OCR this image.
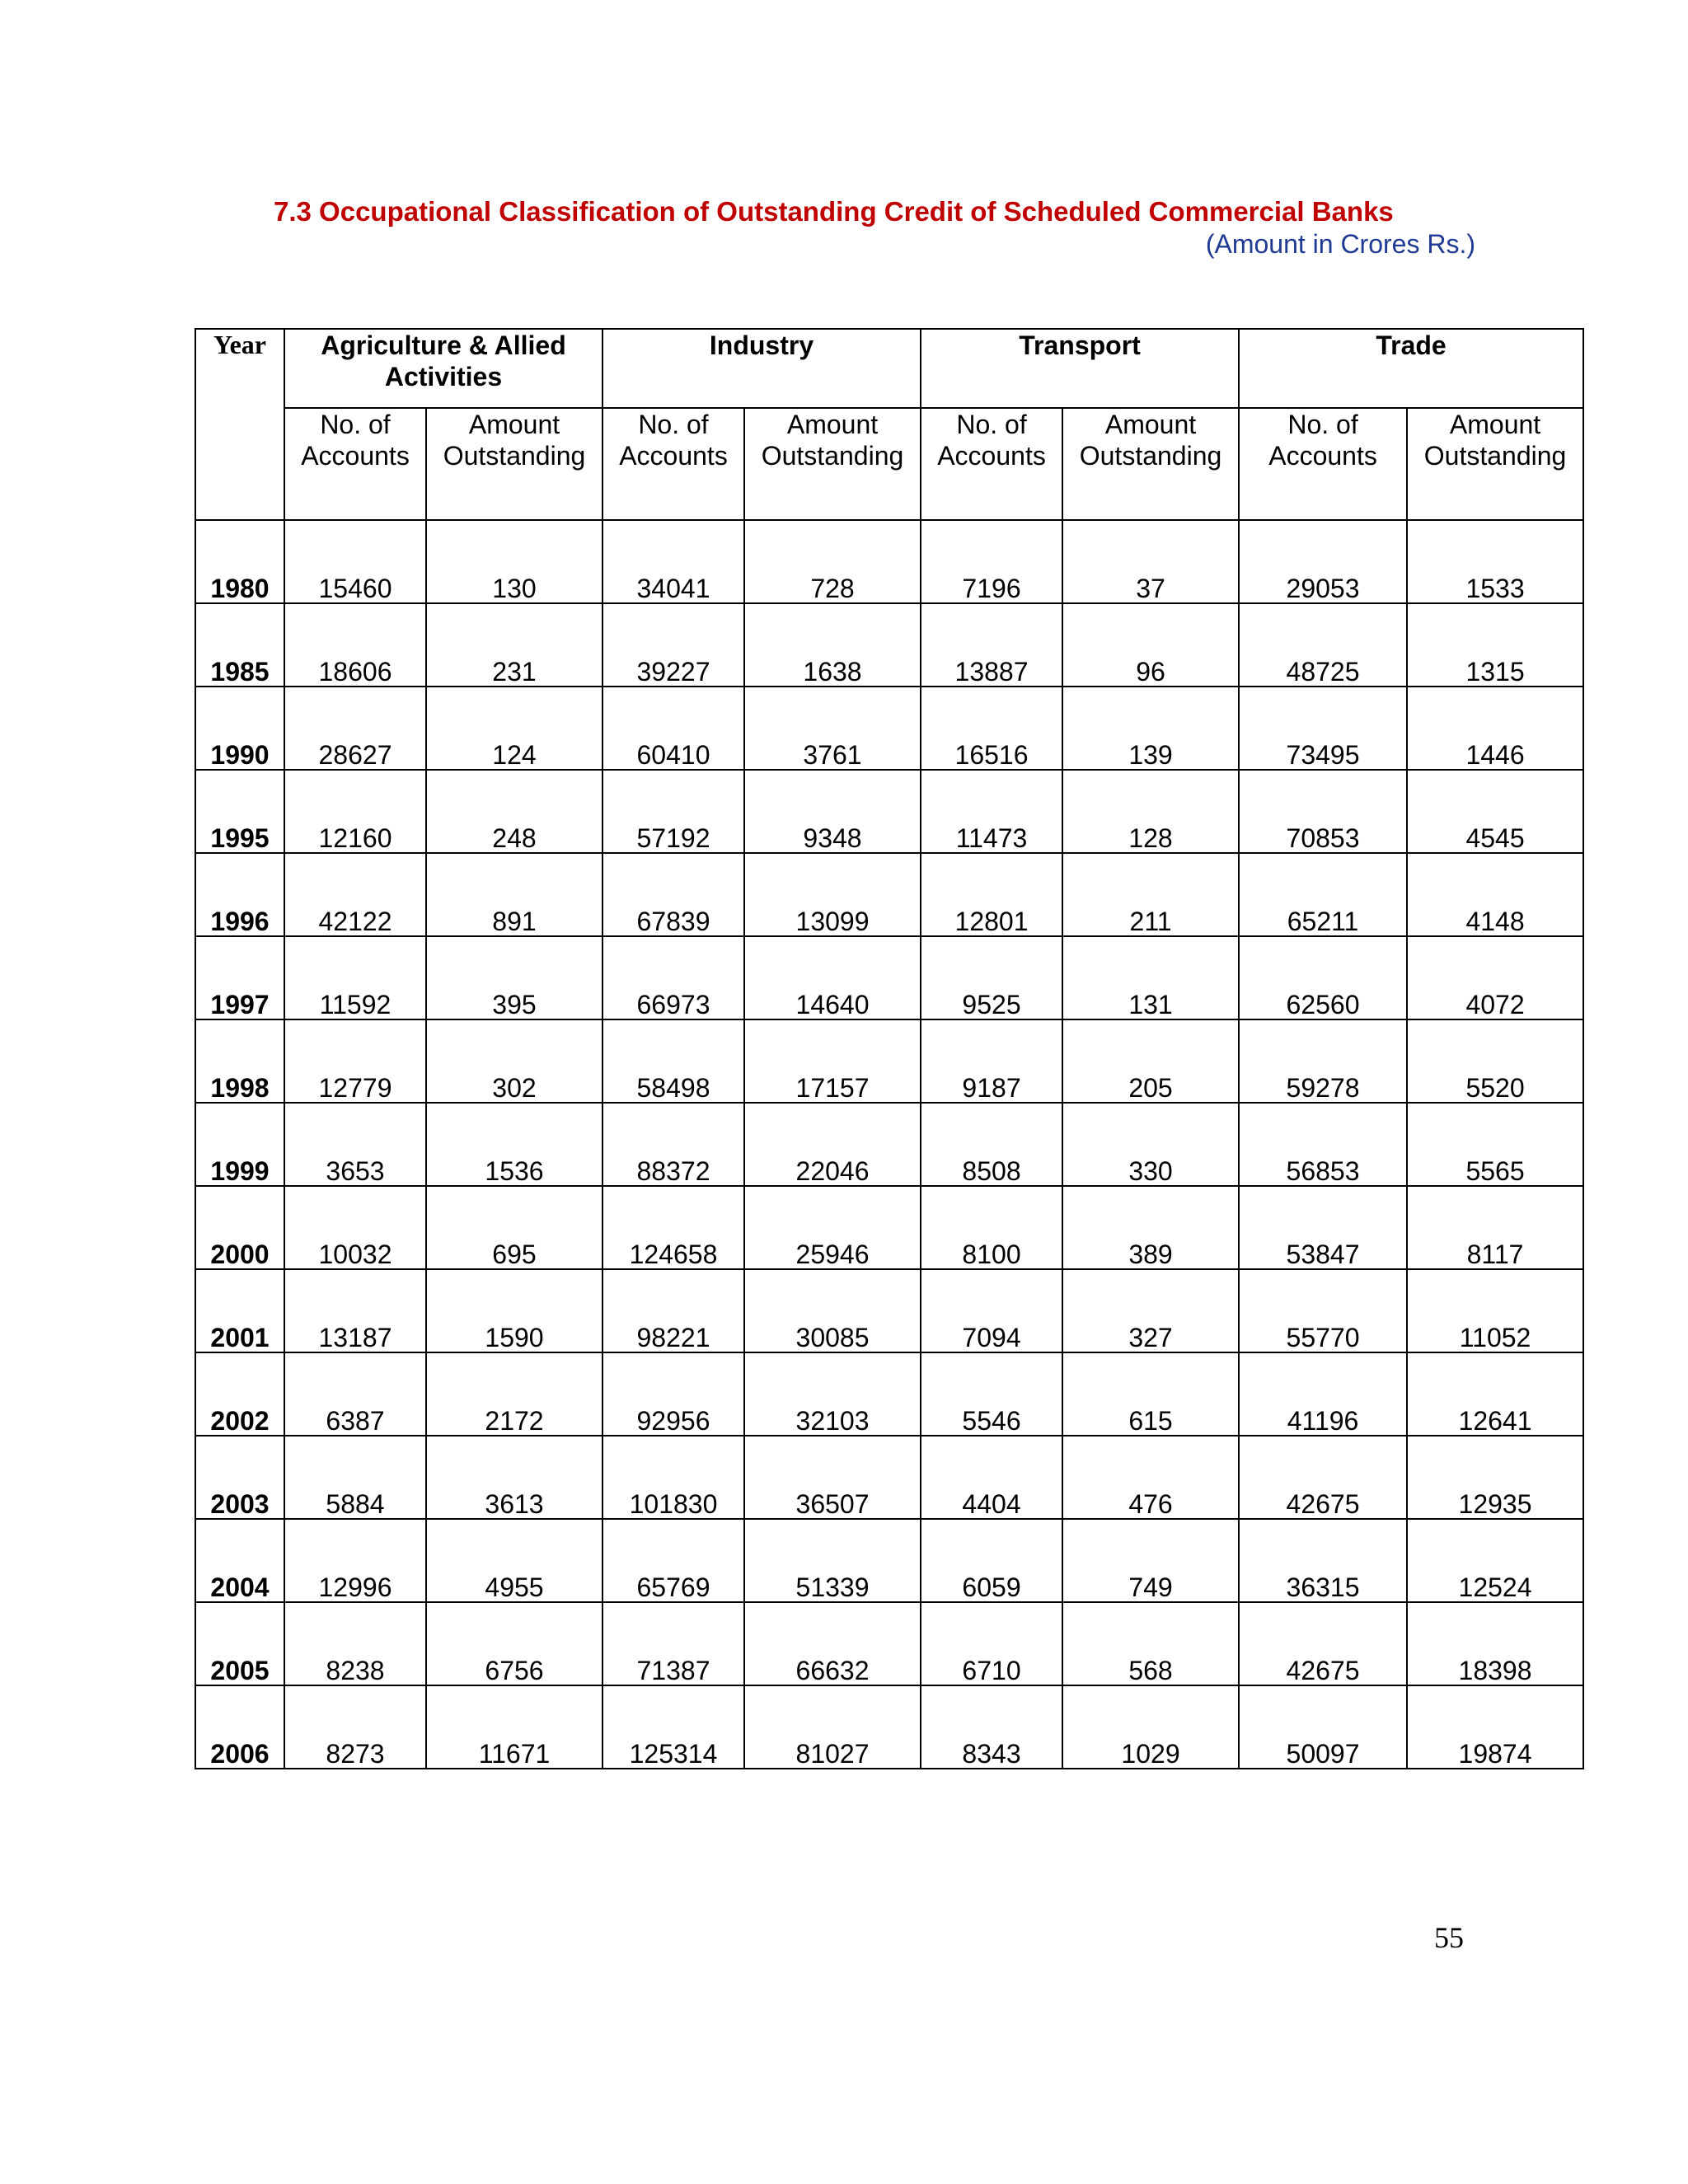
7.3 Occupational Classification of Outstanding Credit of Scheduled Commercial Banks
(Amount in Crores Rs.)
Year	Agriculture & Allied Activities		Industry		Transport		Trade	
	No. of Accounts	Amount Outstanding	No. of Accounts	Amount Outstanding	No. of Accounts	Amount Outstanding	No. of Accounts	Amount Outstanding
1980	15460	130	34041	728	7196	37	29053	1533
1985	18606	231	39227	1638	13887	96	48725	1315
1990	28627	124	60410	3761	16516	139	73495	1446
1995	12160	248	57192	9348	11473	128	70853	4545
1996	42122	891	67839	13099	12801	211	65211	4148
1997	11592	395	66973	14640	9525	131	62560	4072
1998	12779	302	58498	17157	9187	205	59278	5520
1999	3653	1536	88372	22046	8508	330	56853	5565
2000	10032	695	124658	25946	8100	389	53847	8117
2001	13187	1590	98221	30085	7094	327	55770	11052
2002	6387	2172	92956	32103	5546	615	41196	12641
2003	5884	3613	101830	36507	4404	476	42675	12935
2004	12996	4955	65769	51339	6059	749	36315	12524
2005	8238	6756	71387	66632	6710	568	42675	18398
2006	8273	11671	125314	81027	8343	1029	50097	19874
55
